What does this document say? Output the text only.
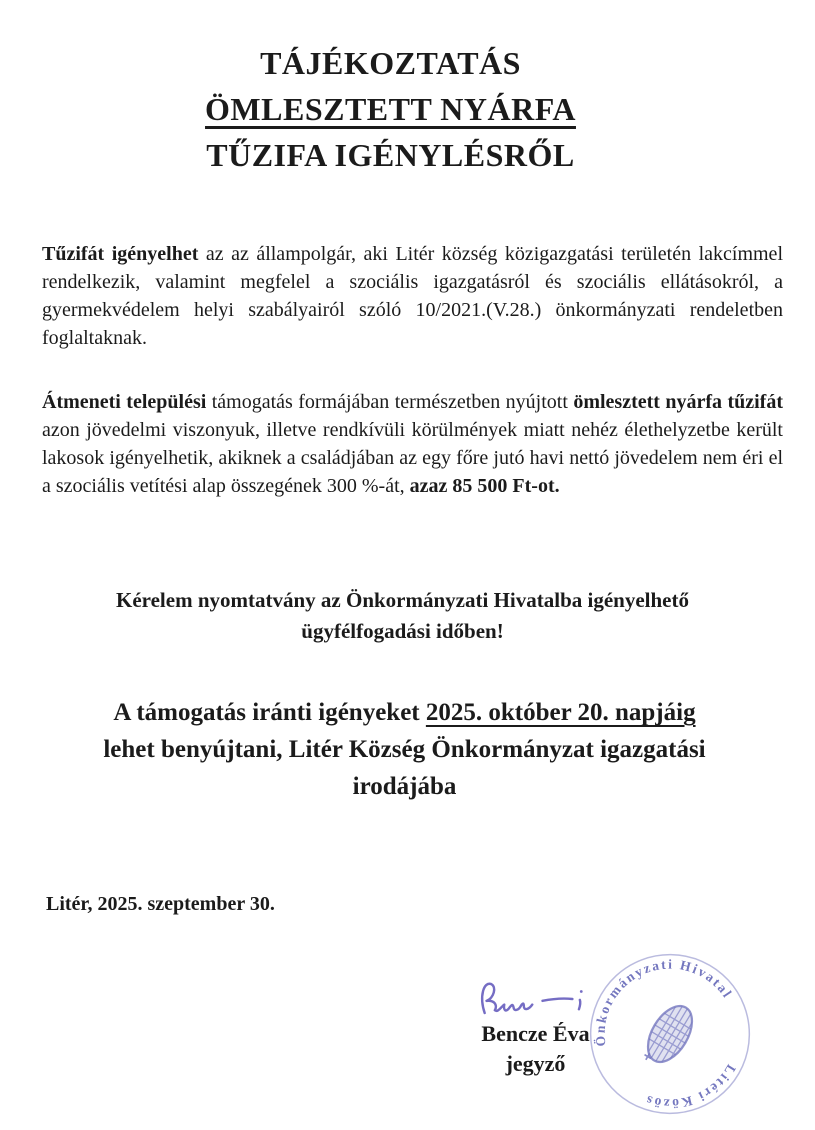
TÁJÉKOZTATÁS
ÖMLESZTETT NYÁRFA
TŰZIFA IGÉNYLÉSRŐL

Tűzifát igényelhet az az állampolgár, aki Litér község közigazgatási területén lakcímmel rendelkezik, valamint megfelel a szociális igazgatásról és szociális ellátásokról, a gyermekvédelem helyi szabályairól szóló 10/2021.(V.28.) önkormányzati rendeletben foglaltaknak.

Átmeneti települési támogatás formájában természetben nyújtott ömlesztett nyárfa tűzifát azon jövedelmi viszonyuk, illetve rendkívüli körülmények miatt nehéz élethelyzetbe került lakosok igényelhetik, akiknek a családjában az egy főre jutó havi nettó jövedelem nem éri el a szociális vetítési alap összegének 300 %-át, azaz 85 500 Ft-ot.

Kérelem nyomtatvány az Önkormányzati Hivatalba igényelhető
ügyfélfogadási időben!
A támogatás iránti igényeket 2025. október 20. napjáig
lehet benyújtani, Litér Község Önkormányzat igazgatási
irodájába
Litér, 2025. szeptember 30.
Bencze Éva
jegyző
Önkormányzati Hivatal
Litéri Közös
